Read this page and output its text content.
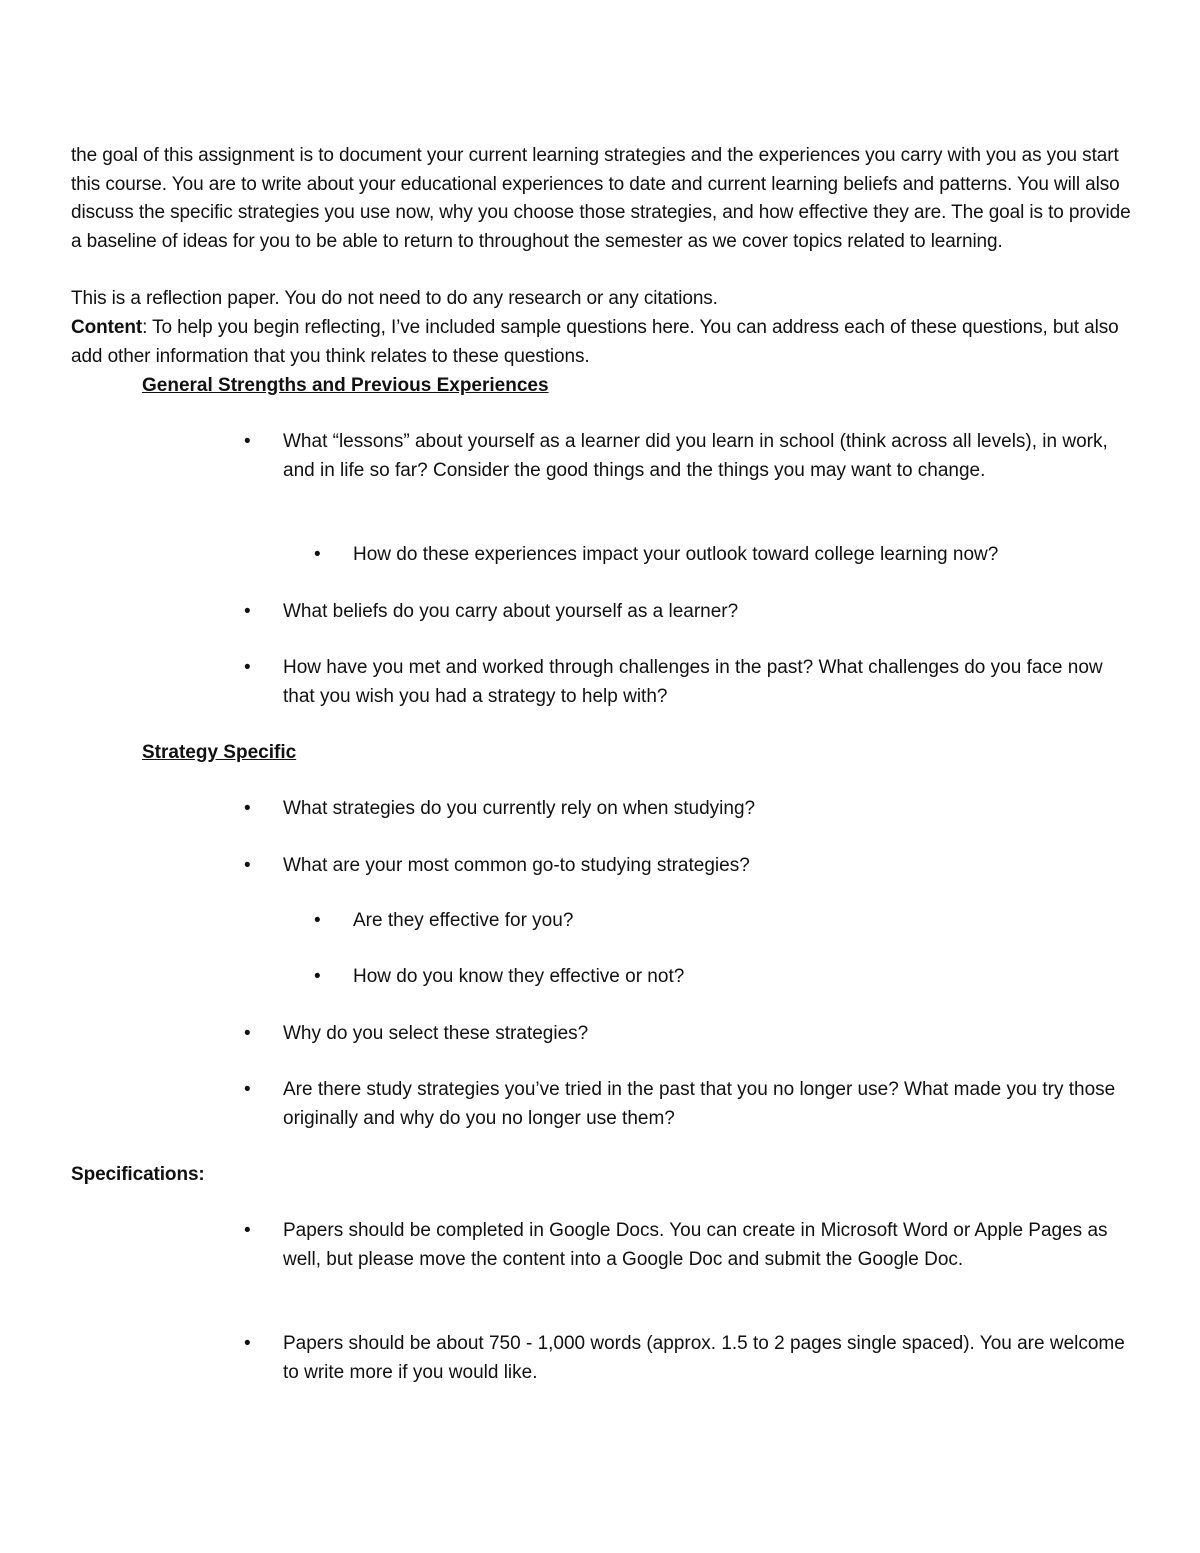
the goal of this assignment is to document your current learning strategies and the experiences you carry with you as you start this course. You are to write about your educational experiences to date and current learning beliefs and patterns. You will also discuss the specific strategies you use now, why you choose those strategies, and how effective they are. The goal is to provide a baseline of ideas for you to be able to return to throughout the semester as we cover topics related to learning.

This is a reflection paper. You do not need to do any research or any citations.

Content: To help you begin reflecting, I’ve included sample questions here. You can address each of these questions, but also add other information that you think relates to these questions.

General Strengths and Previous Experiences

• What “lessons” about yourself as a learner did you learn in school (think across all levels), in work, and in life so far? Consider the good things and the things you may want to change.
• How do these experiences impact your outlook toward college learning now?
• What beliefs do you carry about yourself as a learner?
• How have you met and worked through challenges in the past? What challenges do you face now that you wish you had a strategy to help with?

Strategy Specific

• What strategies do you currently rely on when studying?
• What are your most common go-to studying strategies?
• Are they effective for you?
• How do you know they effective or not?
• Why do you select these strategies?
• Are there study strategies you’ve tried in the past that you no longer use? What made you try those originally and why do you no longer use them?

Specifications:

• Papers should be completed in Google Docs. You can create in Microsoft Word or Apple Pages as well, but please move the content into a Google Doc and submit the Google Doc.
• Papers should be about 750 - 1,000 words (approx. 1.5 to 2 pages single spaced). You are welcome to write more if you would like.
